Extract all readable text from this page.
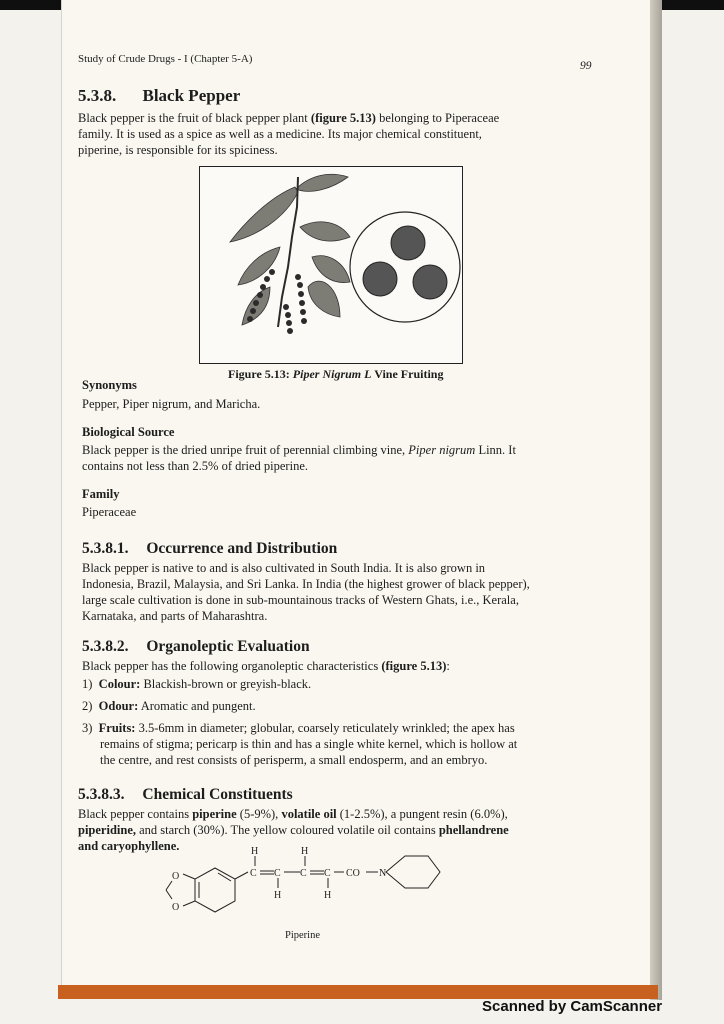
Study of Crude Drugs - I (Chapter 5-A)
99
5.3.8. Black Pepper
Black pepper is the fruit of black pepper plant (figure 5.13) belonging to Piperaceae
family. It is used as a spice as well as a medicine. Its major chemical constituent,
piperine, is responsible for its spiciness.
Figure 5.13: Piper Nigrum L Vine Fruiting
Synonyms
Pepper, Piper nigrum, and Maricha.
Biological Source
Black pepper is the dried unripe fruit of perennial climbing vine, Piper nigrum Linn. It
contains not less than 2.5% of dried piperine.
Family
Piperaceae
5.3.8.1. Occurrence and Distribution
Black pepper is native to and is also cultivated in South India. It is also grown in
Indonesia, Brazil, Malaysia, and Sri Lanka. In India (the highest grower of black pepper),
large scale cultivation is done in sub-mountainous tracks of Western Ghats, i.e., Kerala,
Karnataka, and parts of Maharashtra.
5.3.8.2. Organoleptic Evaluation
Black pepper has the following organoleptic characteristics (figure 5.13):
1) Colour: Blackish-brown or greyish-black.
2) Odour: Aromatic and pungent.
3) Fruits: 3.5-6mm in diameter; globular, coarsely reticulately wrinkled; the apex has
remains of stigma; pericarp is thin and has a single white kernel, which is hollow at
the centre, and rest consists of perisperm, a small endosperm, and an embryo.
5.3.8.3. Chemical Constituents
Black pepper contains piperine (5-9%), volatile oil (1-2.5%), a pungent resin (6.0%),
piperidine, and starch (30%). The yellow coloured volatile oil contains phellandrene
and caryophyllene.
O
O
C C C C CO N
H	H
H	H
Piperine
Scanned by CamScanner
